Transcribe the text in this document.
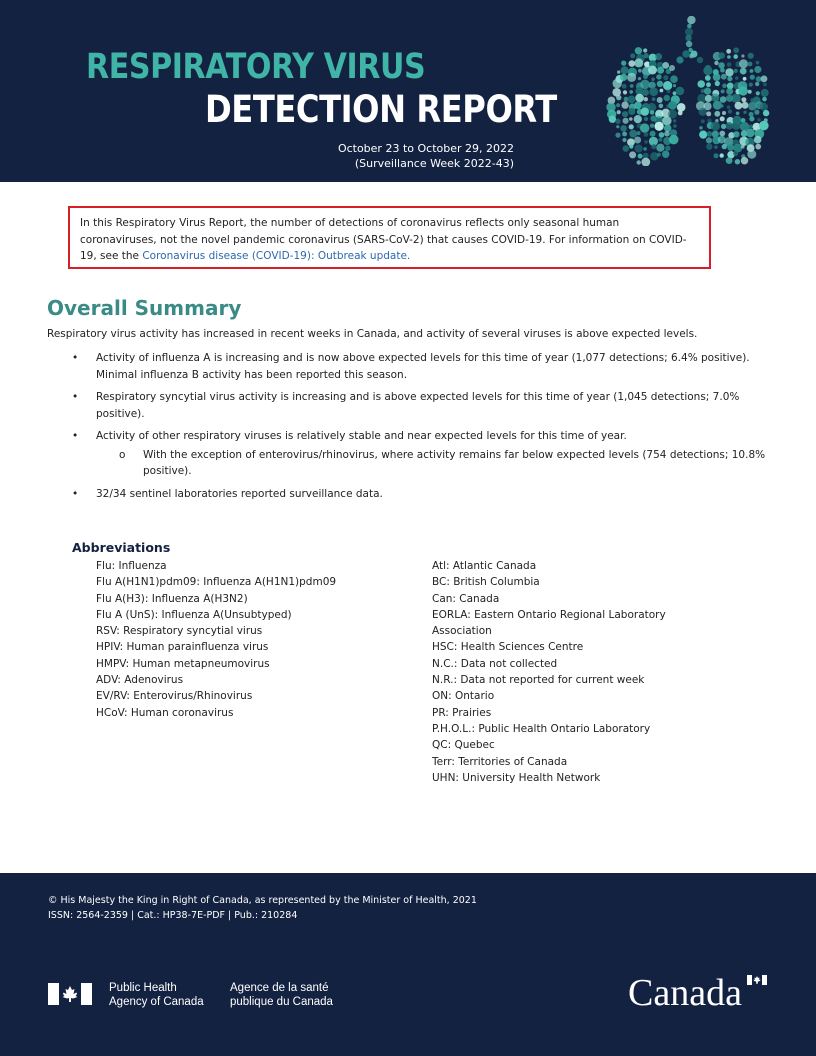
RESPIRATORY VIRUS
DETECTION REPORT
October 23 to October 29, 2022
(Surveillance Week 2022-43)
In this Respiratory Virus Report, the number of detections of coronavirus reflects only seasonal human coronaviruses, not the novel pandemic coronavirus (SARS-CoV-2) that causes COVID-19. For information on COVID-19, see the Coronavirus disease (COVID-19): Outbreak update.
Overall Summary
Respiratory virus activity has increased in recent weeks in Canada, and activity of several viruses is above expected levels.
• Activity of influenza A is increasing and is now above expected levels for this time of year (1,077 detections; 6.4% positive). Minimal influenza B activity has been reported this season.
• Respiratory syncytial virus activity is increasing and is above expected levels for this time of year (1,045 detections; 7.0% positive).
• Activity of other respiratory viruses is relatively stable and near expected levels for this time of year.
o With the exception of enterovirus/rhinovirus, where activity remains far below expected levels (754 detections; 10.8% positive).
• 32/34 sentinel laboratories reported surveillance data.
Abbreviations
Flu: Influenza
Flu A(H1N1)pdm09: Influenza A(H1N1)pdm09
Flu A(H3): Influenza A(H3N2)
Flu A (UnS): Influenza A(Unsubtyped)
RSV: Respiratory syncytial virus
HPIV: Human parainfluenza virus
HMPV: Human metapneumovirus
ADV: Adenovirus
EV/RV: Enterovirus/Rhinovirus
HCoV: Human coronavirus
Atl: Atlantic Canada
BC: British Columbia
Can: Canada
EORLA: Eastern Ontario Regional Laboratory Association
HSC: Health Sciences Centre
N.C.: Data not collected
N.R.: Data not reported for current week
ON: Ontario
PR: Prairies
P.H.O.L.: Public Health Ontario Laboratory
QC: Quebec
Terr: Territories of Canada
UHN: University Health Network
© His Majesty the King in Right of Canada, as represented by the Minister of Health, 2021
ISSN: 2564-2359 | Cat.: HP38-7E-PDF | Pub.: 210284
Public Health
Agency of Canada
Agence de la santé
publique du Canada	Canada
